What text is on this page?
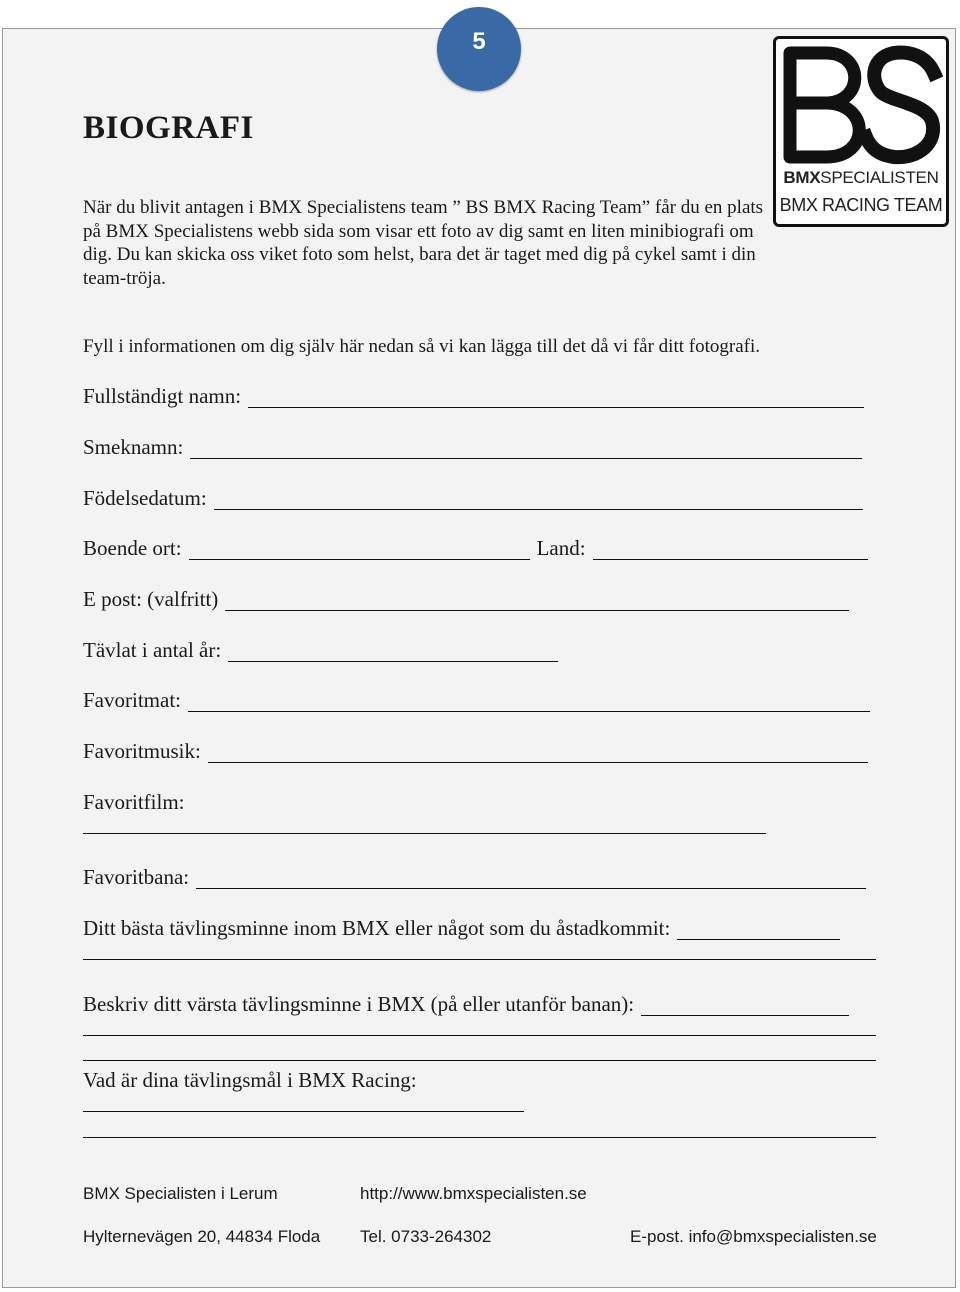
5
BMXSPECIALISTEN
BMX RACING TEAM
BIOGRAFI

När du blivit antagen i BMX Specialistens team ” BS BMX Racing Team” får du en plats på BMX Specialistens webb sida som visar ett foto av dig samt en liten minibiografi om dig. Du kan skicka oss viket foto som helst, bara det är taget med dig på cykel samt i din team-tröja.

Fyll i informationen om dig själv här nedan så vi kan lägga till det då vi får ditt fotografi.

Fullständigt namn:
Smeknamn:
Födelsedatum:
Boende ort:	Land:
E post: (valfritt)
Tävlat i antal år:
Favoritmat:
Favoritmusik:
Favoritfilm:
Favoritbana:
Ditt bästa tävlingsminne inom BMX eller något som du åstadkommit:
Beskriv ditt värsta tävlingsminne i BMX (på eller utanför banan):
Vad är dina tävlingsmål i BMX Racing:
BMX Specialisten i Lerum	http://www.bmxspecialisten.se
Hylternevägen 20, 44834 Floda Tel. 0733-264302	E-post. info@bmxspecialisten.se
